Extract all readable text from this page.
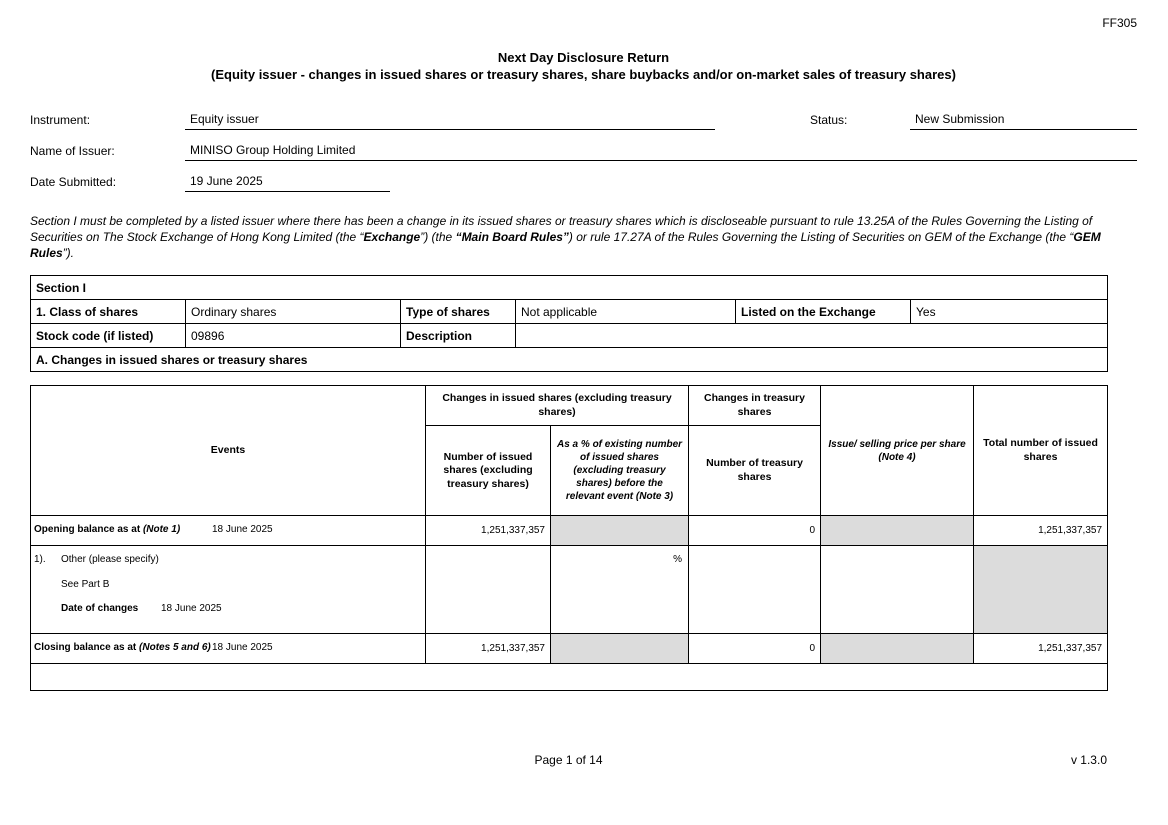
FF305
Next Day Disclosure Return
(Equity issuer - changes in issued shares or treasury shares, share buybacks and/or on-market sales of treasury shares)
Instrument:	Equity issuer	Status:	New Submission
Name of Issuer:	MINISO Group Holding Limited
Date Submitted:	19 June 2025

Section I must be completed by a listed issuer where there has been a change in its issued shares or treasury shares which is discloseable pursuant to rule 13.25A of the Rules Governing the Listing of Securities on The Stock Exchange of Hong Kong Limited (the “Exchange”) (the “Main Board Rules”) or rule 17.27A of the Rules Governing the Listing of Securities on GEM of the Exchange (the “GEM Rules”).

Section I					
1. Class of shares	Ordinary shares	Type of shares	Not applicable	Listed on the Exchange	Yes
Stock code (if listed)	09896	Description			
A. Changes in issued shares or treasury shares					
Events	Changes in issued shares (excluding treasury shares)		Changes in treasury shares	Issue/ selling price per share (Note 4)	Total number of issued shares
	Number of issued shares (excluding treasury shares)	As a % of existing number of issued shares (excluding treasury shares) before the relevant event (Note 3)	Number of treasury shares		
Opening balance as at (Note 1) 18 June 2025	1,251,337,357		0		1,251,337,357

1). Other (please specify)
See Part B
Date of changes 18 June 2025		%			
Closing balance as at (Notes 5 and 6)18 June 2025	1,251,337,357		0		1,251,337,357

Page 1 of 14	v 1.3.0
